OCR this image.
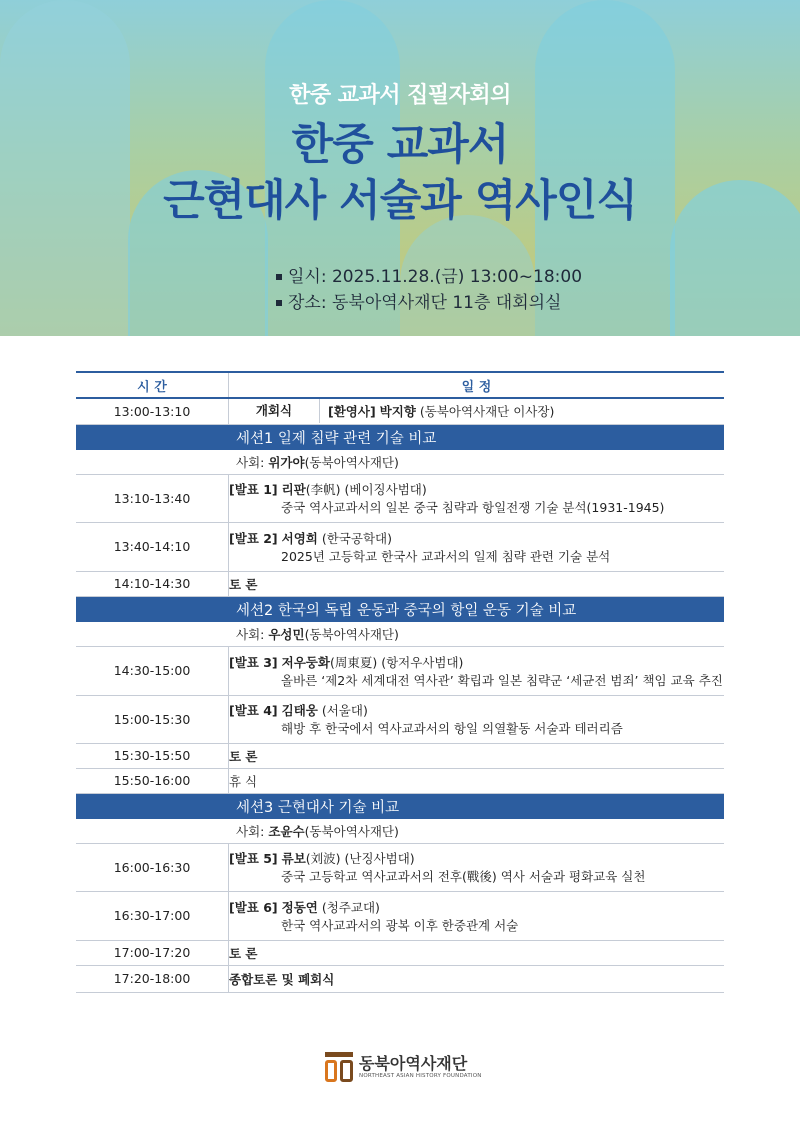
한중 교과서 집필자회의
한중 교과서
근현대사 서술과 역사인식
일시: 2025.11.28.(금) 13:00~18:00
장소: 동북아역사재단 11층 대회의실
시 간	일 정
13:00-13:10	개회식 [환영사] 박지향 (동북아역사재단 이사장)

세션1 일제 침략 관련 기술 비교	
사회: 위가야(동북아역사재단)	
13:10-13:40	[발표 1] 리판(李帆) (베이징사범대)
중국 역사교과서의 일본 중국 침략과 항일전쟁 기술 분석(1931-1945)

13:40-14:10	[발표 2] 서영희 (한국공학대)
2025년 고등학교 한국사 교과서의 일제 침략 관련 기술 분석

14:10-14:30	토 론
세션2 한국의 독립 운동과 중국의 항일 운동 기술 비교	
사회: 우성민(동북아역사재단)	
14:30-15:00	[발표 3] 저우둥화(周東夏) (항저우사범대)
올바른 ‘제2차 세계대전 역사관’ 확립과 일본 침략군 ‘세균전 범죄’ 책임 교육 추진

15:00-15:30	[발표 4] 김태웅 (서울대)
해방 후 한국에서 역사교과서의 항일 의열활동 서술과 테러리즘

15:30-15:50	토 론
15:50-16:00	휴 식
세션3 근현대사 기술 비교	
사회: 조윤수(동북아역사재단)	
16:00-16:30	[발표 5] 류보(刘波) (난징사범대)
중국 고등학교 역사교과서의 전후(戰後) 역사 서술과 평화교육 실천

16:30-17:00	[발표 6] 정동연 (청주교대)
한국 역사교과서의 광복 이후 한중관계 서술

17:00-17:20	토 론
17:20-18:00	종합토론 및 폐회식
동북아역사재단
NORTHEAST ASIAN HISTORY FOUNDATION
